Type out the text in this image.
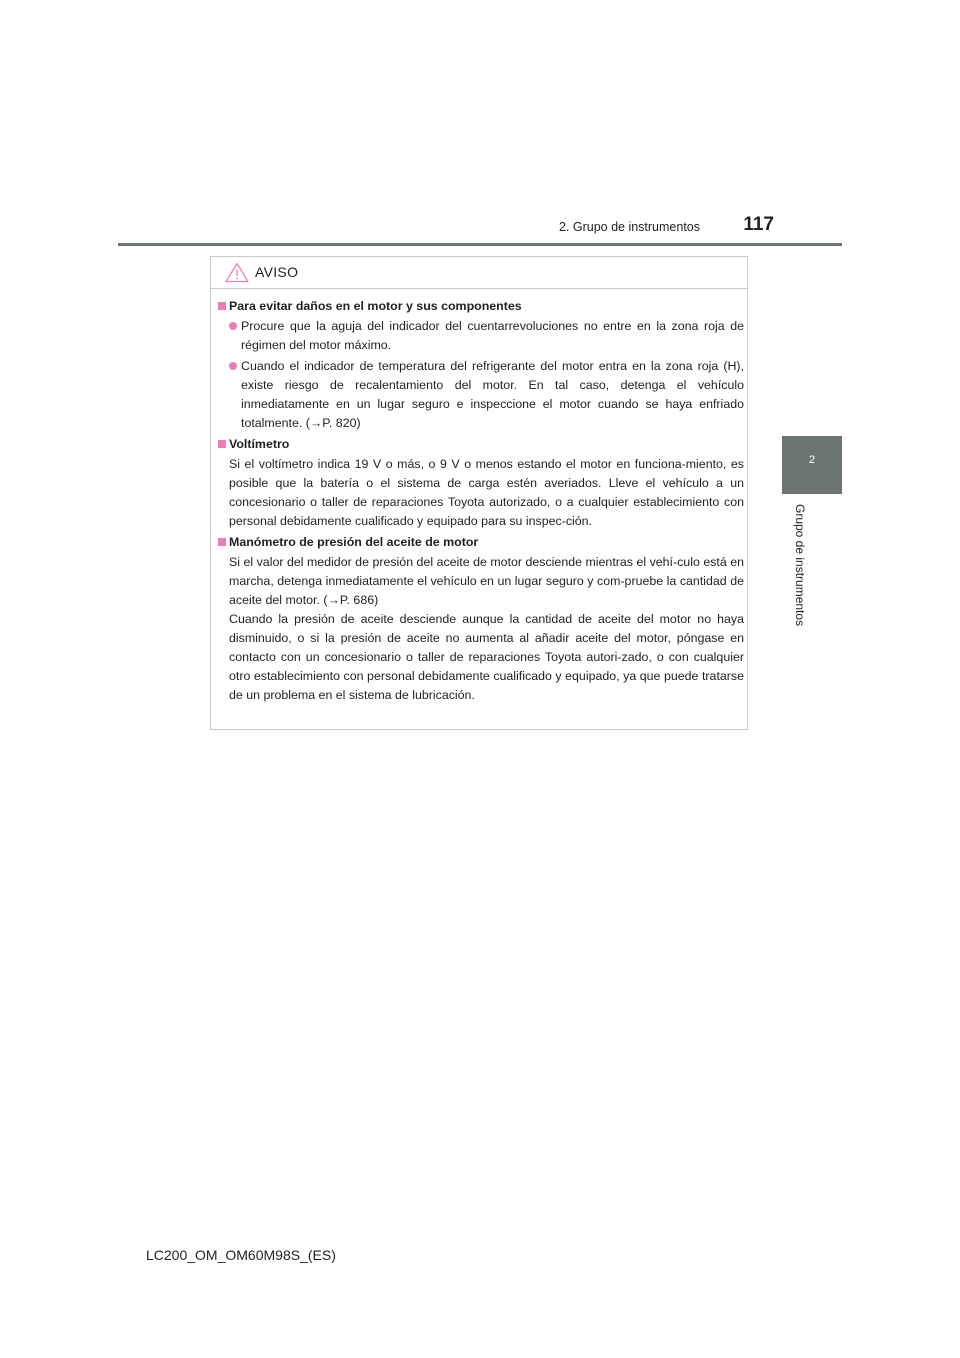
117
2. Grupo de instrumentos
2
Grupo de instrumentos
AVISO
Para evitar daños en el motor y sus componentes
Procure que la aguja del indicador del cuentarrevoluciones no entre en la zona roja de régimen del motor máximo.
Cuando el indicador de temperatura del refrigerante del motor entra en la zona roja (H), existe riesgo de recalentamiento del motor. En tal caso, detenga el vehículo inmediatamente en un lugar seguro e inspeccione el motor cuando se haya enfriado totalmente. (→P. 820)
Voltímetro
Si el voltímetro indica 19 V o más, o 9 V o menos estando el motor en funciona-miento, es posible que la batería o el sistema de carga estén averiados. Lleve el vehículo a un concesionario o taller de reparaciones Toyota autorizado, o a cualquier establecimiento con personal debidamente cualificado y equipado para su inspec-ción.
Manómetro de presión del aceite de motor
Si el valor del medidor de presión del aceite de motor desciende mientras el vehí-culo está en marcha, detenga inmediatamente el vehículo en un lugar seguro y com-pruebe la cantidad de aceite del motor. (→P. 686)
Cuando la presión de aceite desciende aunque la cantidad de aceite del motor no haya disminuido, o si la presión de aceite no aumenta al añadir aceite del motor, póngase en contacto con un concesionario o taller de reparaciones Toyota autori-zado, o con cualquier otro establecimiento con personal debidamente cualificado y equipado, ya que puede tratarse de un problema en el sistema de lubricación.
LC200_OM_OM60M98S_(ES)
